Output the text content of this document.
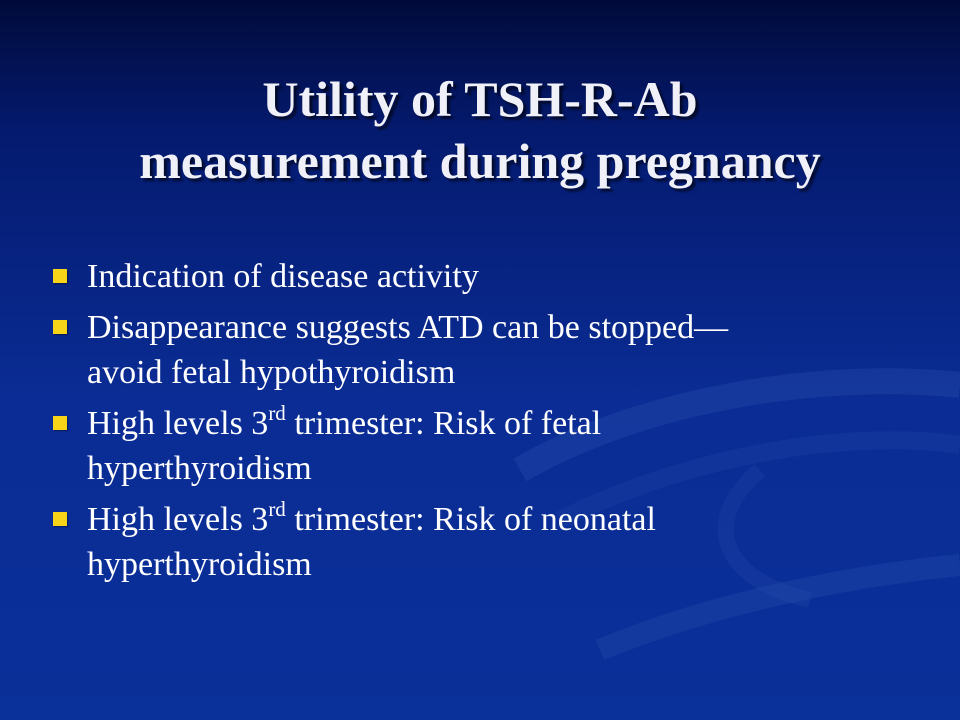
Utility of TSH-R-Ab
measurement during pregnancy
Indication of disease activity
Disappearance suggests ATD can be stopped—
avoid fetal hypothyroidism
High levels 3rd trimester: Risk of fetal
hyperthyroidism
High levels 3rd trimester: Risk of neonatal
hyperthyroidism
